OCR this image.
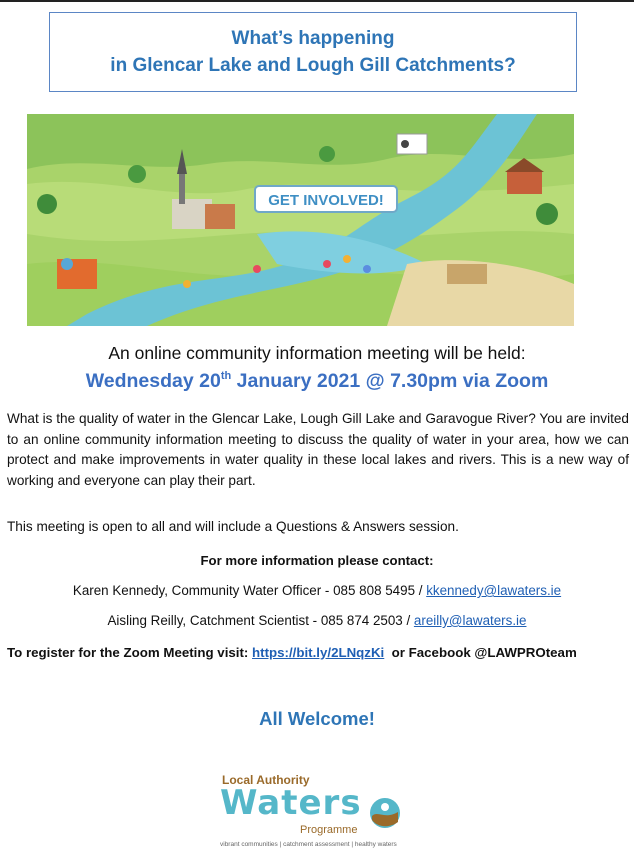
What’s happening
in Glencar Lake and Lough Gill Catchments?
GET INVOLVED!
An online community information meeting will be held:
Wednesday 20th January 2021 @ 7.30pm via Zoom
What is the quality of water in the Glencar Lake, Lough Gill Lake and Garavogue River? You are invited to an online community information meeting to discuss the quality of water in your area, how we can protect and make improvements in water quality in these local lakes and rivers. This is a new way of working and everyone can play their part.
This meeting is open to all and will include a Questions & Answers session.
For more information please contact:
Karen Kennedy, Community Water Officer - 085 808 5495 / kkennedy@lawaters.ie
Aisling Reilly, Catchment Scientist - 085 874 2503 / areilly@lawaters.ie
To register for the Zoom Meeting visit: https://bit.ly/2LNqzKi  or Facebook @LAWPROteam
All Welcome!
Local Authority
Waters
Programme
vibrant communities | catchment assessment | healthy waters
